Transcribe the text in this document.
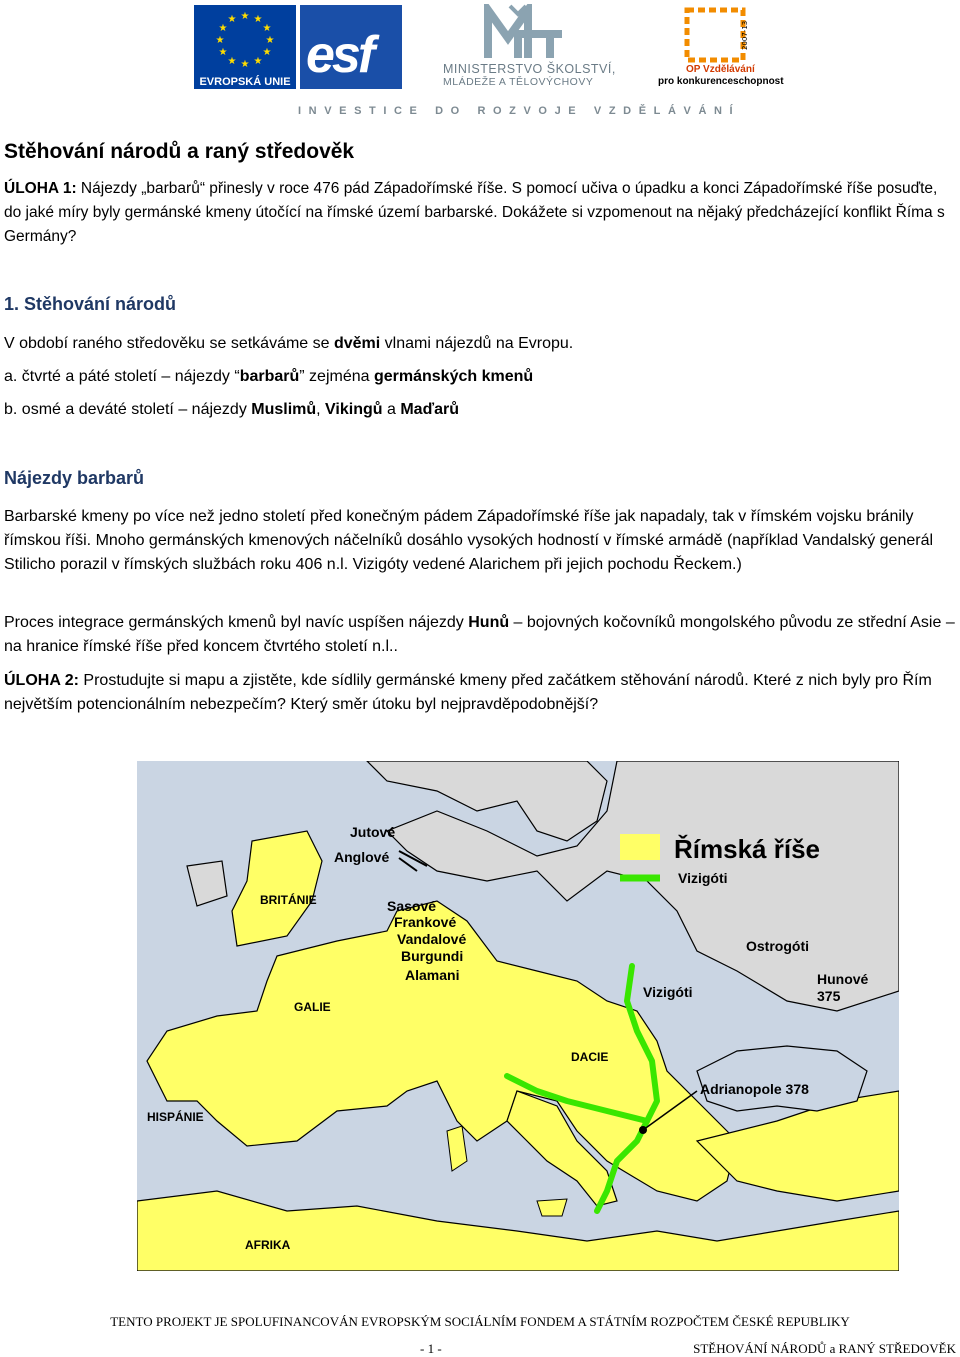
★ ★
★
★
★
★
★
★
★
★
★
★
EVROPSKÁ UNIE esf	MINISTERSTVO ŠKOLSTVÍ,
MLÁDEŽE A TĚLOVÝCHOVY
2007-13
OP Vzdělávání
pro konkurenceschopnost
INVESTICE DO ROZVOJE VZDĚLÁVÁNÍ
Stěhování národů a raný středověk
ÚLOHA 1: Nájezdy „barbarů“ přinesly v roce 476 pád Západořímské říše. S pomocí učiva o úpadku a konci Západořímské říše posuďte, do jaké míry byly germánské kmeny útočící na římské území barbarské. Dokážete si vzpomenout na nějaký předcházející konflikt Říma s Germány?
1. Stěhování národů
V období raného středověku se setkáváme se dvěmi vlnami nájezdů na Evropu.
a. čtvrté a páté století – nájezdy “barbarů” zejména germánských kmenů
b. osmé a deváté století – nájezdy Muslimů, Vikingů a Maďarů
Nájezdy barbarů
Barbarské kmeny po více než jedno století před konečným pádem Západořímské říše jak napadaly, tak v římském vojsku bránily římskou říši. Mnoho germánských kmenových náčelníků dosáhlo vysokých hodností v římské armádě (například Vandalský generál Stilicho porazil v římských službách roku 406 n.l. Vizigóty vedené Alarichem při jejich pochodu Řeckem.)
Proces integrace germánských kmenů byl navíc uspíšen nájezdy Hunů – bojovných kočovníků mongolského původu ze střední Asie – na hranice římské říše před koncem čtvrtého století n.l..
ÚLOHA 2: Prostudujte si mapu a zjistěte, kde sídlily germánské kmeny před začátkem stěhování národů. Které z nich byly pro Řím největším potencionálním nebezpečím? Který směr útoku byl nejpravděpodobnější?
Římská říše
Vizigóti
Jutové
Anglové
BRITÁNIE	Sasové
Frankové
Vandalové
Burgundi
Alamani
GALIE
Ostrogóti
Vizigóti
Hunové
375
DACIE
Adrianopole 378
HISPÁNIE
AFRIKA
TENTO PROJEKT JE SPOLUFINANCOVÁN EVROPSKÝM SOCIÁLNÍM FONDEM A STÁTNÍM ROZPOČTEM ČESKÉ REPUBLIKY
- 1 -	STĚHOVÁNÍ NÁRODŮ a RANÝ STŘEDOVĚK
